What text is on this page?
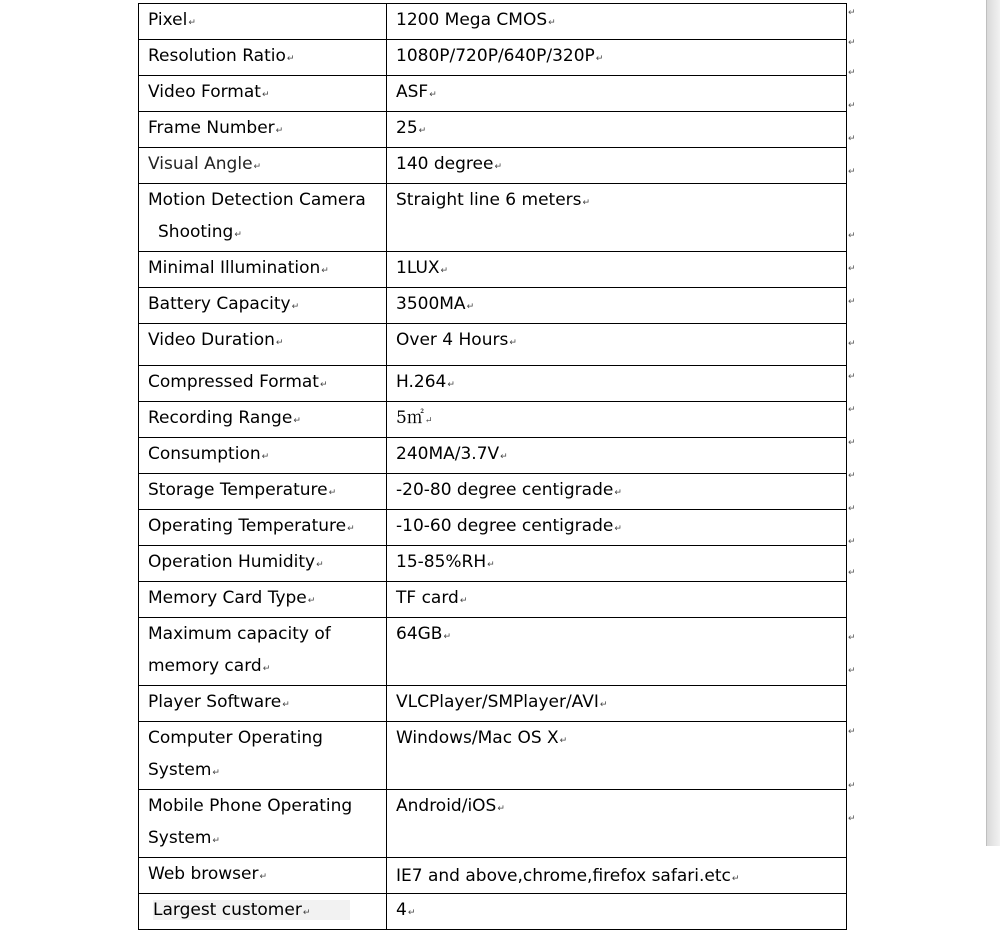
Pixel↵	1200 Mega CMOS↵
Resolution Ratio↵	1080P/720P/640P/320P↵
Video Format↵	ASF↵
Frame Number↵	25↵
Visual Angle↵	140 degree↵

Motion Detection Camera
Shooting↵	Straight line 6 meters↵
Minimal Illumination↵	1LUX↵
Battery Capacity↵	3500MA↵
Video Duration↵	Over 4 Hours↵
Compressed Format↵	H.264↵
Recording Range↵	5㎡↵
Consumption↵	240MA/3.7V↵
Storage Temperature↵	-20-80 degree centigrade↵
Operating Temperature↵	-10-60 degree centigrade↵
Operation Humidity↵	15-85%RH↵
Memory Card Type↵	TF card↵

Maximum capacity of
memory card↵	64GB↵
Player Software↵	VLCPlayer/SMPlayer/AVI↵

Computer Operating
System↵	Windows/Mac OS X↵

Mobile Phone Operating
System↵	Android/iOS↵
Web browser↵	IE7 and above,chrome,firefox safari.etc↵
Largest customer↵	4↵
↵
↵
↵
↵
↵
↵
↵
↵
↵
↵
↵
↵
↵
↵
↵
↵
↵
↵
↵
↵
↵
↵
